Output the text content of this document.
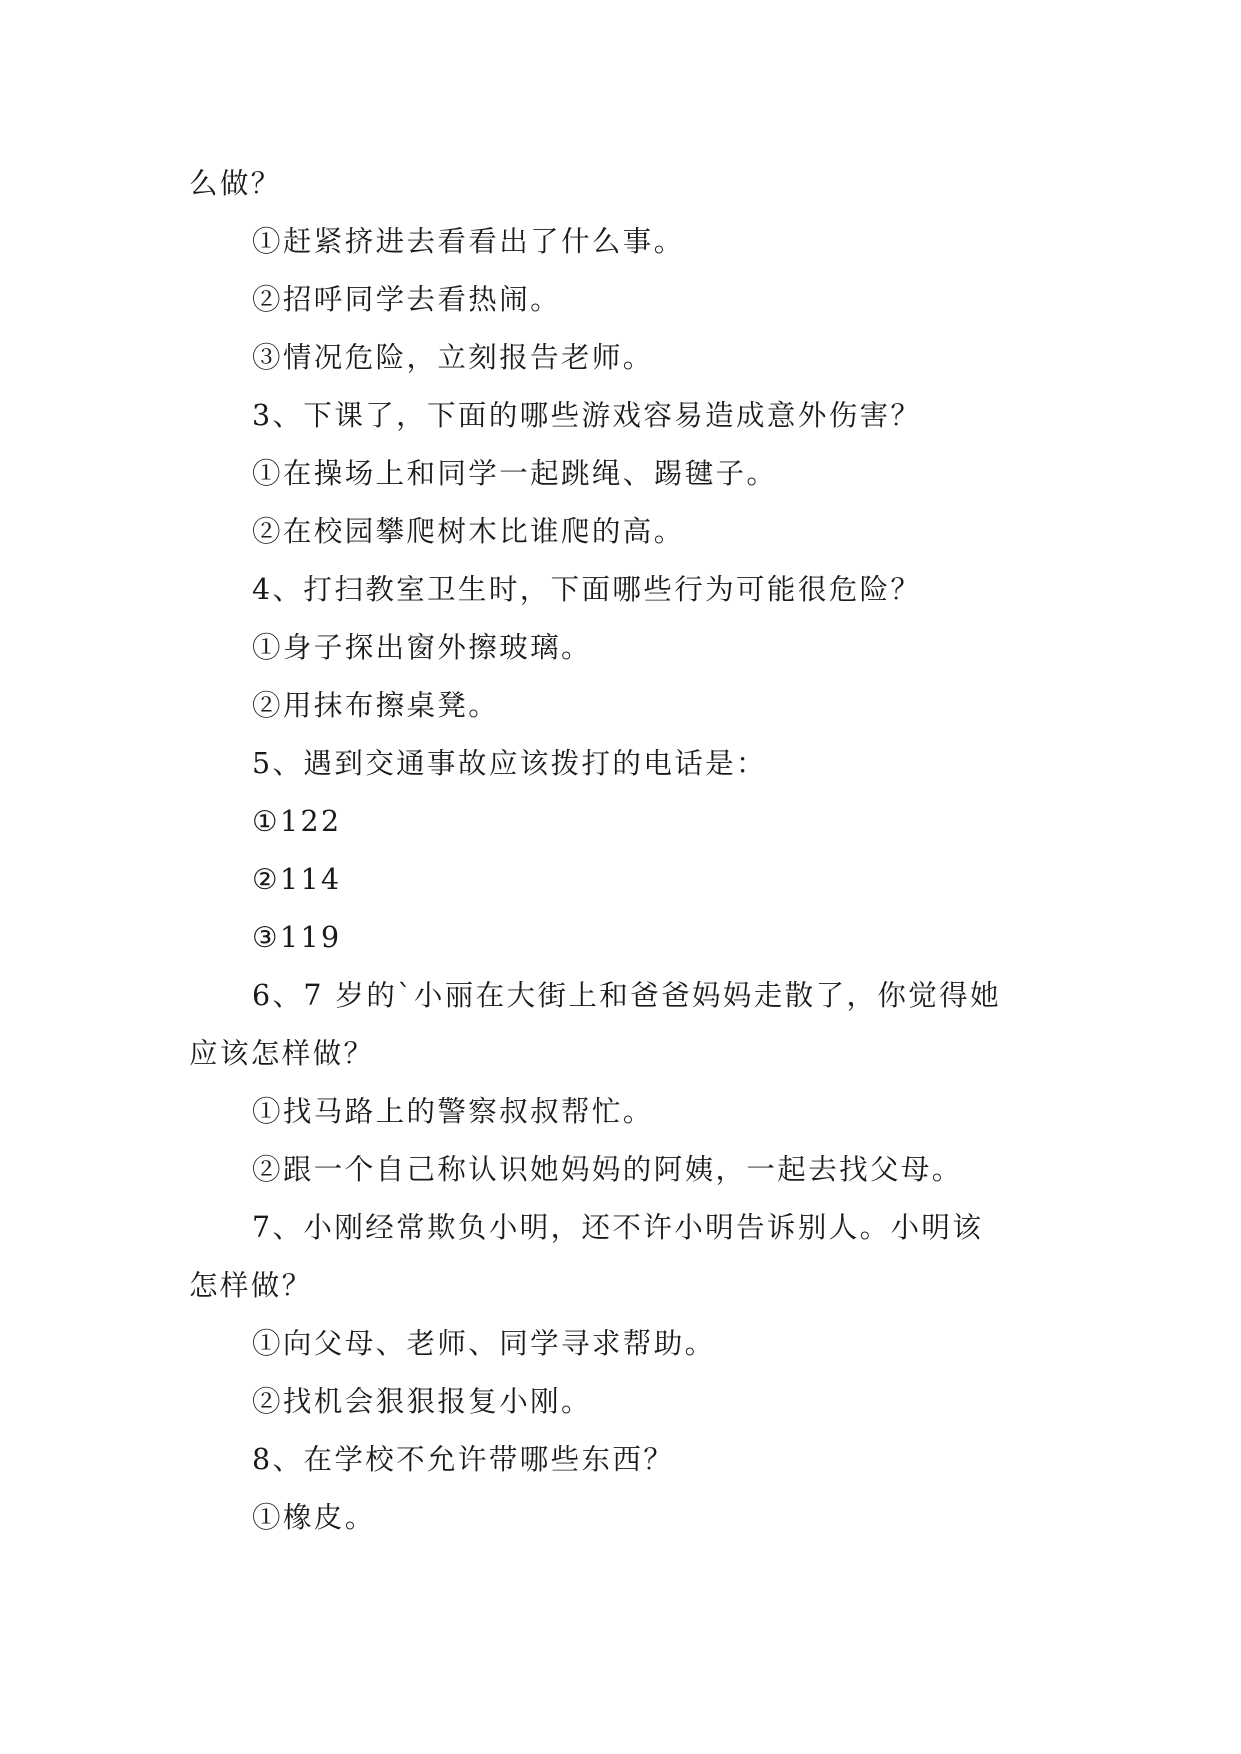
么做？
①赶紧挤进去看看出了什么事。
②招呼同学去看热闹。
③情况危险，立刻报告老师。
3、下课了，下面的哪些游戏容易造成意外伤害？
①在操场上和同学一起跳绳、踢毽子。
②在校园攀爬树木比谁爬的高。
4、打扫教室卫生时，下面哪些行为可能很危险？
①身子探出窗外擦玻璃。
②用抹布擦桌凳。
5、遇到交通事故应该拨打的电话是：
①122
②114
③119
6、7 岁的`小丽在大街上和爸爸妈妈走散了，你觉得她
应该怎样做？
①找马路上的警察叔叔帮忙。
②跟一个自己称认识她妈妈的阿姨，一起去找父母。
7、小刚经常欺负小明，还不许小明告诉别人。小明该
怎样做？
①向父母、老师、同学寻求帮助。
②找机会狠狠报复小刚。
8、在学校不允许带哪些东西？
①橡皮。
